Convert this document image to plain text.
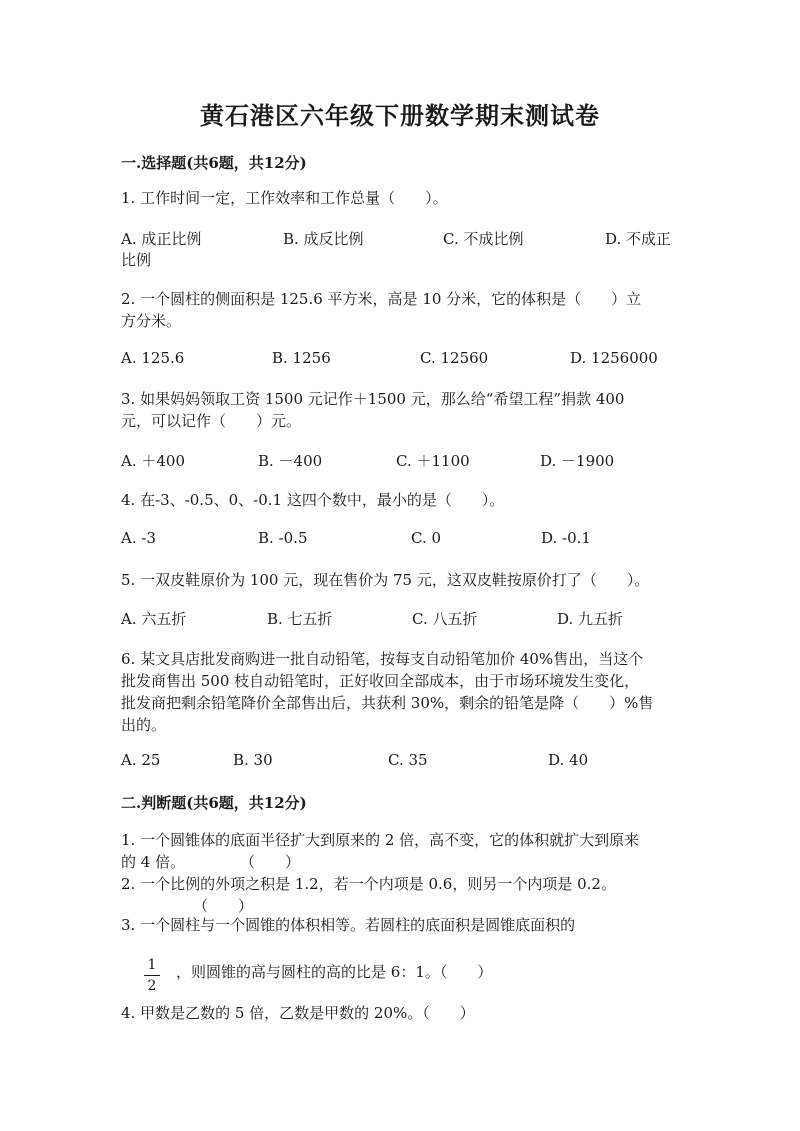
黄石港区六年级下册数学期末测试卷
一.选择题(共6题，共12分)
1. 工作时间一定，工作效率和工作总量（　　）。
A. 成正比例	B. 成反比例	C. 不成比例	D. 不成正
比例
2. 一个圆柱的侧面积是 125.6 平方米，高是 10 分米，它的体积是（　　）立
方分米。
A. 125.6	B. 1256	C. 12560	D. 1256000
3. 如果妈妈领取工资 1500 元记作＋1500 元，那么给“希望工程”捐款 400
元，可以记作（　　）元。
A. ＋400	B. －400	C. ＋1100	D. －1900
4. 在-3、-0.5、0、-0.1 这四个数中，最小的是（　　）。
A. -3	B. -0.5	C. 0	D. -0.1
5. 一双皮鞋原价为 100 元，现在售价为 75 元，这双皮鞋按原价打了（　　）。
A. 六五折	B. 七五折	C. 八五折	D. 九五折
6. 某文具店批发商购进一批自动铅笔，按每支自动铅笔加价 40%售出，当这个
批发商售出 500 枝自动铅笔时，正好收回全部成本，由于市场环境发生变化，
批发商把剩余铅笔降价全部售出后，共获利 30%，剩余的铅笔是降（　　）%售
出的。
A. 25	B. 30	C. 35	D. 40
二.判断题(共6题，共12分)
1. 一个圆锥体的底面半径扩大到原来的 2 倍，高不变，它的体积就扩大到原来
的 4 倍。	（　　）
2. 一个比例的外项之积是 1.2，若一个内项是 0.6，则另一个内项是 0.2。
（　　）
3. 一个圆柱与一个圆锥的体积相等。若圆柱的底面积是圆锥底面积的
1
2
，则圆锥的高与圆柱的高的比是 6：1。（　　）
4. 甲数是乙数的 5 倍，乙数是甲数的 20%。（　　）
